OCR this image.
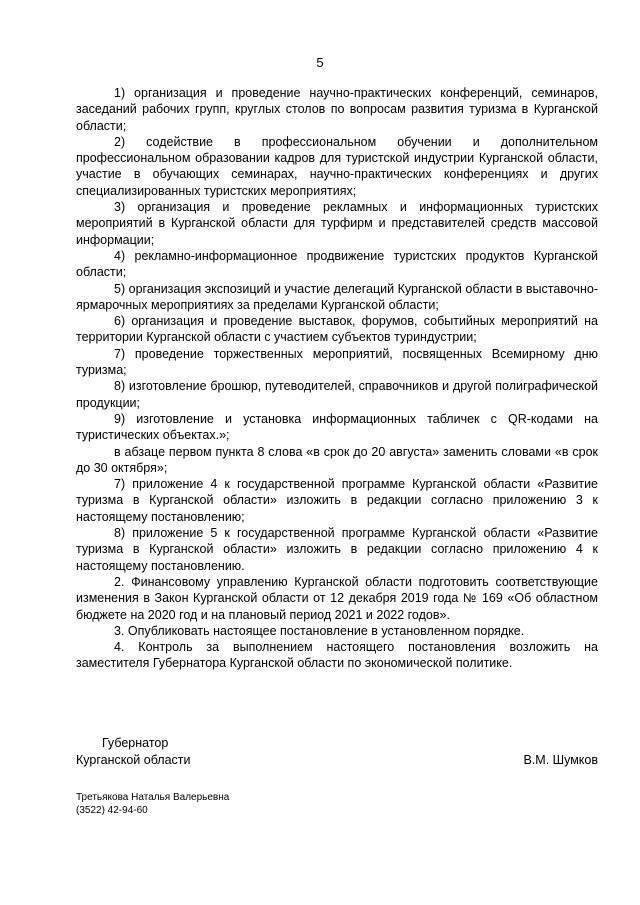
5

1) организация и проведение научно-практических конференций, семинаров, заседаний рабочих групп, круглых столов по вопросам развития туризма в Курганской области;

2) содействие в профессиональном обучении и дополнительном профессиональном образовании кадров для туристской индустрии Курганской области, участие в обучающих семинарах, научно-практических конференциях и других специализированных туристских мероприятиях;

3) организация и проведение рекламных и информационных туристских мероприятий в Курганской области для турфирм и представителей средств массовой информации;

4) рекламно-информационное продвижение туристских продуктов Курганской области;

5) организация экспозиций и участие делегаций Курганской области в выставочно-ярмарочных мероприятиях за пределами Курганской области;

6) организация и проведение выставок, форумов, событийных мероприятий на территории Курганской области с участием субъектов туриндустрии;

7) проведение торжественных мероприятий, посвященных Всемирному дню туризма;

8) изготовление брошюр, путеводителей, справочников и другой полиграфической продукции;

9) изготовление и установка информационных табличек с QR-кодами на туристических объектах.»;

в абзаце первом пункта 8 слова «в срок до 20 августа» заменить словами «в срок до 30 октября»;

7) приложение 4 к государственной программе Курганской области «Развитие туризма в Курганской области» изложить в редакции согласно приложению 3 к настоящему постановлению;

8) приложение 5 к государственной программе Курганской области «Развитие туризма в Курганской области» изложить в редакции согласно приложению 4 к настоящему постановлению.

2. Финансовому управлению Курганской области подготовить соответствующие изменения в Закон Курганской области от 12 декабря 2019 года № 169 «Об областном бюджете на 2020 год и на плановый период 2021 и 2022 годов».

3. Опубликовать настоящее постановление в установленном порядке.

4. Контроль за выполнением настоящего постановления возложить на заместителя Губернатора Курганской области по экономической политике.

Губернатор
Курганской области	В.М. Шумков
Третьякова Наталья Валерьевна
(3522) 42-94-60
